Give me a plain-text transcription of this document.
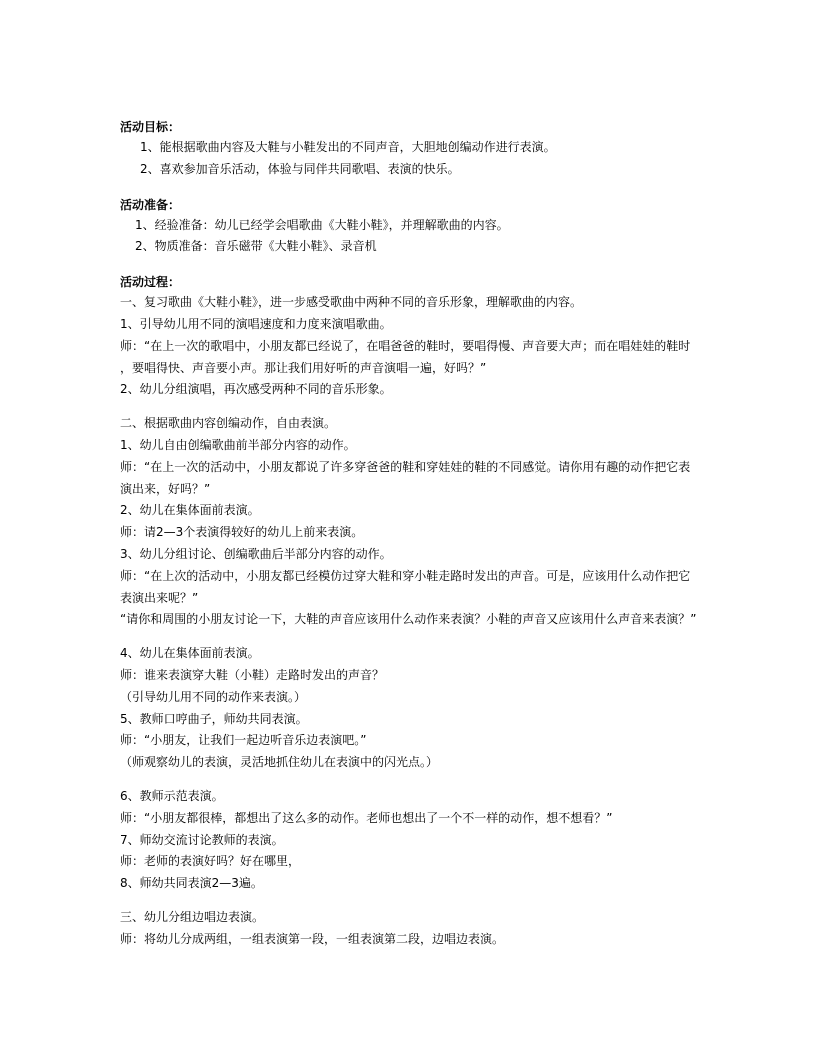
活动目标：

1、能根据歌曲内容及大鞋与小鞋发出的不同声音，大胆地创编动作进行表演。

2、喜欢参加音乐活动，体验与同伴共同歌唱、表演的快乐。

活动准备：

1、经验准备：幼儿已经学会唱歌曲《大鞋小鞋》，并理解歌曲的内容。

2、物质准备：音乐磁带《大鞋小鞋》、录音机

活动过程：

一、复习歌曲《大鞋小鞋》，进一步感受歌曲中两种不同的音乐形象，理解歌曲的内容。

1、引导幼儿用不同的演唱速度和力度来演唱歌曲。

师：“在上一次的歌唱中，小朋友都已经说了，在唱爸爸的鞋时，要唱得慢、声音要大声；而在唱娃娃的鞋时

，要唱得快、声音要小声。那让我们用好听的声音演唱一遍，好吗？”

2、幼儿分组演唱，再次感受两种不同的音乐形象。

二、根据歌曲内容创编动作，自由表演。

1、幼儿自由创编歌曲前半部分内容的动作。

师：“在上一次的活动中，小朋友都说了许多穿爸爸的鞋和穿娃娃的鞋的不同感觉。请你用有趣的动作把它表

演出来，好吗？”

2、幼儿在集体面前表演。

师：请2—3个表演得较好的幼儿上前来表演。

3、幼儿分组讨论、创编歌曲后半部分内容的动作。

师：“在上次的活动中，小朋友都已经模仿过穿大鞋和穿小鞋走路时发出的声音。可是，应该用什么动作把它

表演出来呢？”

“请你和周围的小朋友讨论一下，大鞋的声音应该用什么动作来表演？小鞋的声音又应该用什么声音来表演？”

4、幼儿在集体面前表演。

师：谁来表演穿大鞋（小鞋）走路时发出的声音？

（引导幼儿用不同的动作来表演。）

5、教师口哼曲子，师幼共同表演。

师：“小朋友，让我们一起边听音乐边表演吧。”

（师观察幼儿的表演，灵活地抓住幼儿在表演中的闪光点。）

6、教师示范表演。

师：“小朋友都很棒，都想出了这么多的动作。老师也想出了一个不一样的动作，想不想看？”

7、师幼交流讨论教师的表演。

师：老师的表演好吗？好在哪里，

8、师幼共同表演2—3遍。

三、幼儿分组边唱边表演。

师：将幼儿分成两组，一组表演第一段，一组表演第二段，边唱边表演。
